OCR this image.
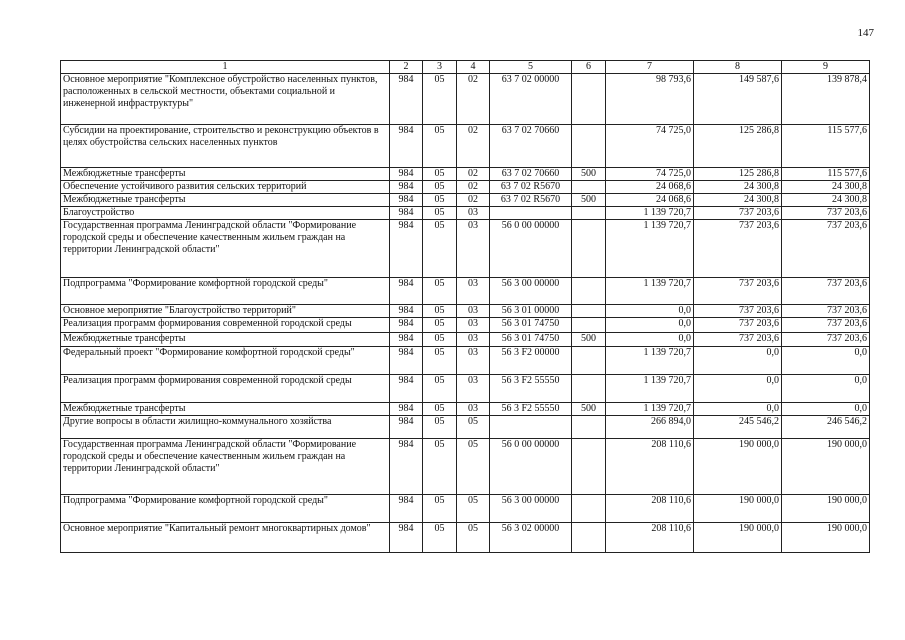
147
1	2	3	4	5	6	7	8	9
Основное мероприятие "Комплексное обустройство населенных пунктов, расположенных в сельской местности, объектами социальной и инженерной инфраструктуры"	984	05	02	63 7 02 00000		98 793,6	149 587,6	139 878,4
Субсидии на проектирование, строительство и реконструкцию объектов в целях обустройства сельских населенных пунктов	984	05	02	63 7 02 70660		74 725,0	125 286,8	115 577,6
Межбюджетные трансферты	984	05	02	63 7 02 70660	500	74 725,0	125 286,8	115 577,6
Обеспечение устойчивого развития сельских территорий	984	05	02	63 7 02 R5670		24 068,6	24 300,8	24 300,8
Межбюджетные трансферты	984	05	02	63 7 02 R5670	500	24 068,6	24 300,8	24 300,8
Благоустройство	984	05	03			1 139 720,7	737 203,6	737 203,6
Государственная программа Ленинградской области "Формирование городской среды и обеспечение качественным жильем граждан на территории Ленинградской области"	984	05	03	56 0 00 00000		1 139 720,7	737 203,6	737 203,6
Подпрограмма "Формирование комфортной городской среды"	984	05	03	56 3 00 00000		1 139 720,7	737 203,6	737 203,6
Основное мероприятие "Благоустройство территорий"	984	05	03	56 3 01 00000		0,0	737 203,6	737 203,6
Реализация программ формирования современной городской среды	984	05	03	56 3 01 74750		0,0	737 203,6	737 203,6
Межбюджетные трансферты	984	05	03	56 3 01 74750	500	0,0	737 203,6	737 203,6
Федеральный проект "Формирование комфортной городской среды"	984	05	03	56 3 F2 00000		1 139 720,7	0,0	0,0
Реализация программ формирования современной городской среды	984	05	03	56 3 F2 55550		1 139 720,7	0,0	0,0
Межбюджетные трансферты	984	05	03	56 3 F2 55550	500	1 139 720,7	0,0	0,0
Другие вопросы в области жилищно-коммунального хозяйства	984	05	05			266 894,0	245 546,2	246 546,2
Государственная программа Ленинградской области "Формирование городской среды и обеспечение качественным жильем граждан на территории Ленинградской области"	984	05	05	56 0 00 00000		208 110,6	190 000,0	190 000,0
Подпрограмма "Формирование комфортной городской среды"	984	05	05	56 3 00 00000		208 110,6	190 000,0	190 000,0
Основное мероприятие "Капитальный ремонт многоквартирных домов"	984	05	05	56 3 02 00000		208 110,6	190 000,0	190 000,0
